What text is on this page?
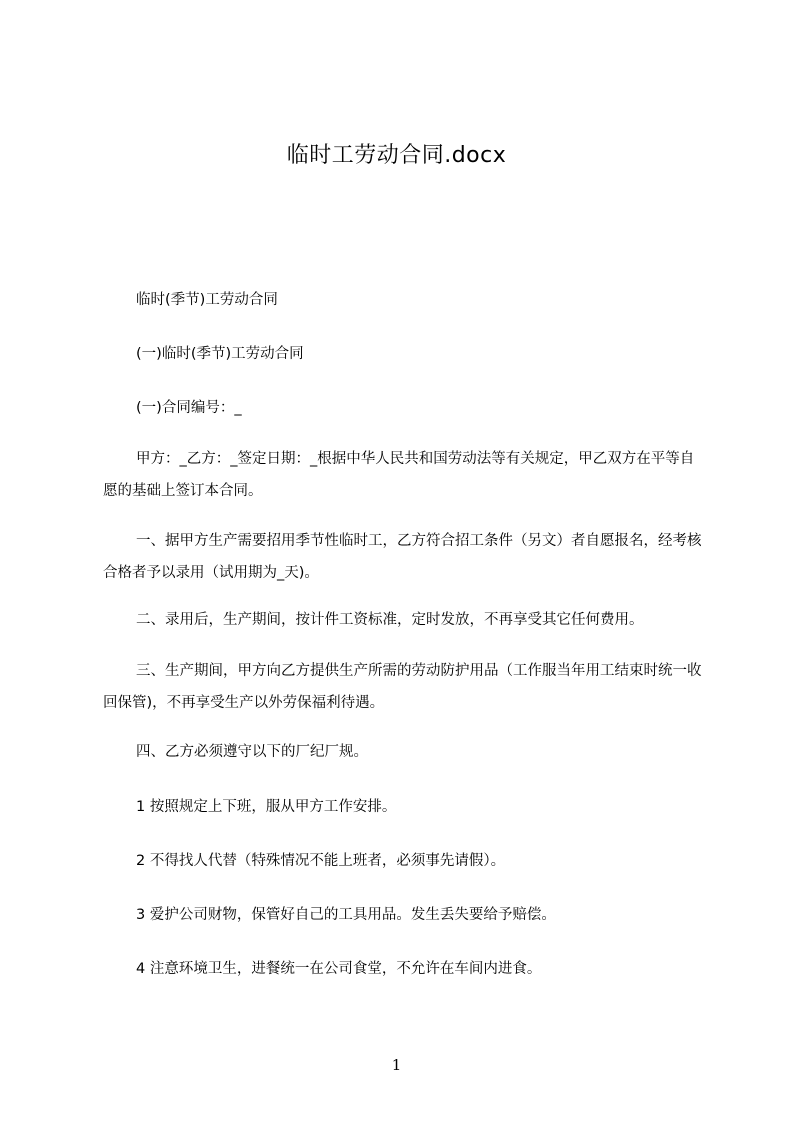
临时工劳动合同.docx

临时(季节)工劳动合同

(一)临时(季节)工劳动合同

(一)合同编号：_

甲方：_乙方：_签定日期：_根据中华人民共和国劳动法等有关规定，甲乙双方在平等自愿的基础上签订本合同。

一、据甲方生产需要招用季节性临时工，乙方符合招工条件（另文）者自愿报名，经考核合格者予以录用（试用期为_天)。

二、录用后，生产期间，按计件工资标准，定时发放，不再享受其它任何费用。

三、生产期间，甲方向乙方提供生产所需的劳动防护用品（工作服当年用工结束时统一收回保管)，不再享受生产以外劳保福利待遇。

四、乙方必须遵守以下的厂纪厂规。

1 按照规定上下班，服从甲方工作安排。

2 不得找人代替（特殊情况不能上班者，必须事先请假）。

3 爱护公司财物，保管好自己的工具用品。发生丢失要给予赔偿。

4 注意环境卫生，进餐统一在公司食堂，不允许在车间内进食。

1
